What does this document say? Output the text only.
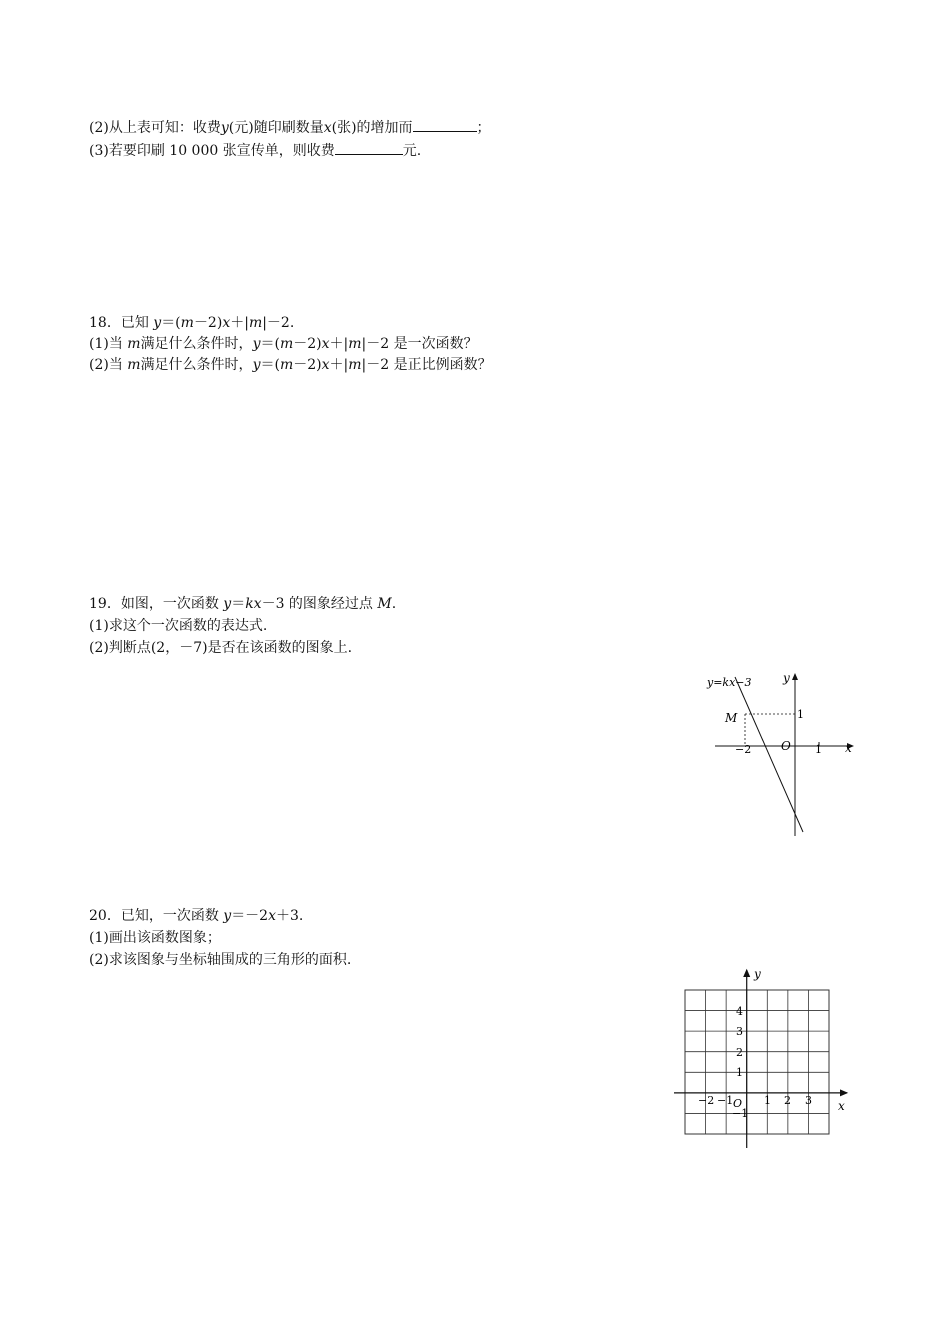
(2)从上表可知：收费y(元)随印刷数量x(张)的增加而	；
(3)若要印刷 10 000 张宣传单，则收费	元.
18．已知 y＝(m－2)x＋|m|－2.
(1)当 m满足什么条件时，y＝(m－2)x＋|m|－2 是一次函数？
(2)当 m满足什么条件时，y＝(m－2)x＋|m|－2 是正比例函数？
19．如图，一次函数 y＝kx－3 的图象经过点 M.
(1)求这个一次函数的表达式.
(2)判断点(2，－7)是否在该函数的图象上.
y=kx−3	y
x
O
M
−2	1
1
20．已知，一次函数 y＝－2x＋3.
(1)画出该函数图象；
(2)求该图象与坐标轴围成的三角形的面积.
y
x
O
−2 −1	1 2 3
4
3
2
1
−1
